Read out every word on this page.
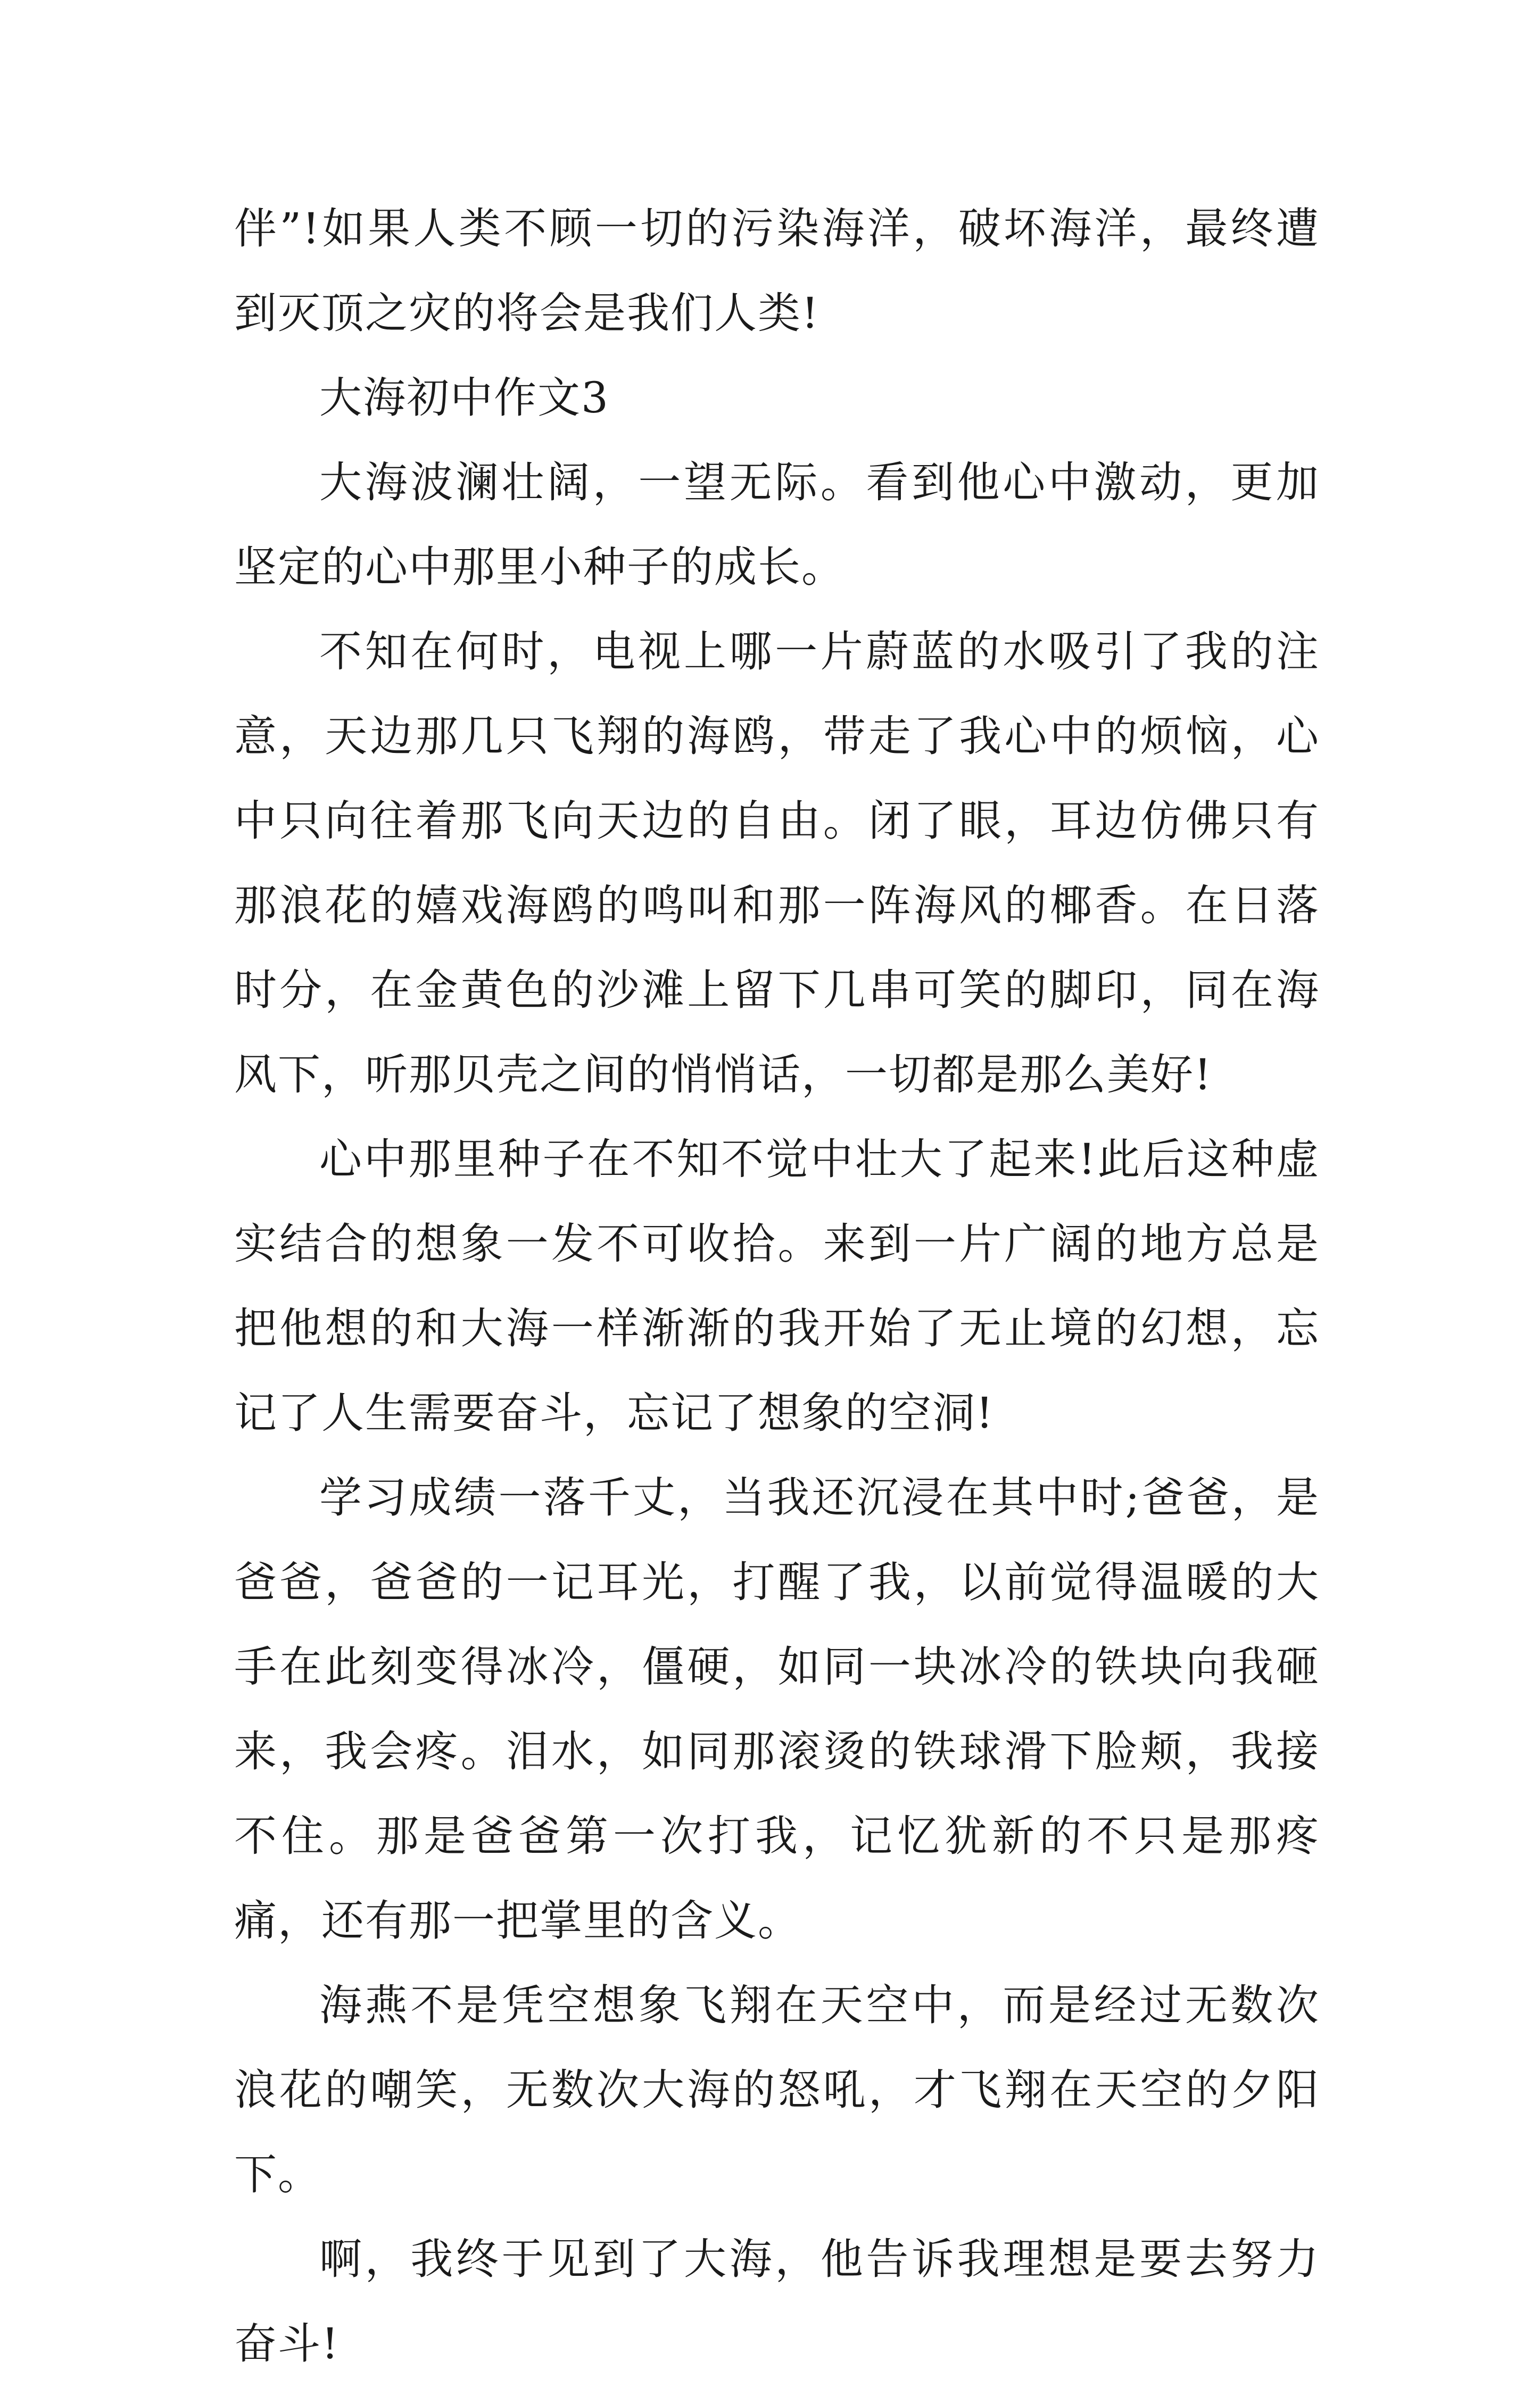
伴”!如果人类不顾一切的污染海洋，破坏海洋，最终遭到灭顶之灾的将会是我们人类!

大海初中作文3

大海波澜壮阔，一望无际。看到他心中激动，更加坚定的心中那里小种子的成长。

不知在何时，电视上哪一片蔚蓝的水吸引了我的注意，天边那几只飞翔的海鸥，带走了我心中的烦恼，心中只向往着那飞向天边的自由。闭了眼，耳边仿佛只有那浪花的嬉戏海鸥的鸣叫和那一阵海风的椰香。在日落时分，在金黄色的沙滩上留下几串可笑的脚印，同在海风下，听那贝壳之间的悄悄话，一切都是那么美好!

心中那里种子在不知不觉中壮大了起来!此后这种虚实结合的想象一发不可收拾。来到一片广阔的地方总是把他想的和大海一样渐渐的我开始了无止境的幻想，忘记了人生需要奋斗，忘记了想象的空洞!

学习成绩一落千丈，当我还沉浸在其中时;爸爸，是爸爸，爸爸的一记耳光，打醒了我，以前觉得温暖的大手在此刻变得冰冷，僵硬，如同一块冰冷的铁块向我砸来，我会疼。泪水，如同那滚烫的铁球滑下脸颊，我接不住。那是爸爸第一次打我，记忆犹新的不只是那疼痛，还有那一把掌里的含义。

海燕不是凭空想象飞翔在天空中，而是经过无数次浪花的嘲笑，无数次大海的怒吼，才飞翔在天空的夕阳下。

啊，我终于见到了大海，他告诉我理想是要去努力奋斗!
